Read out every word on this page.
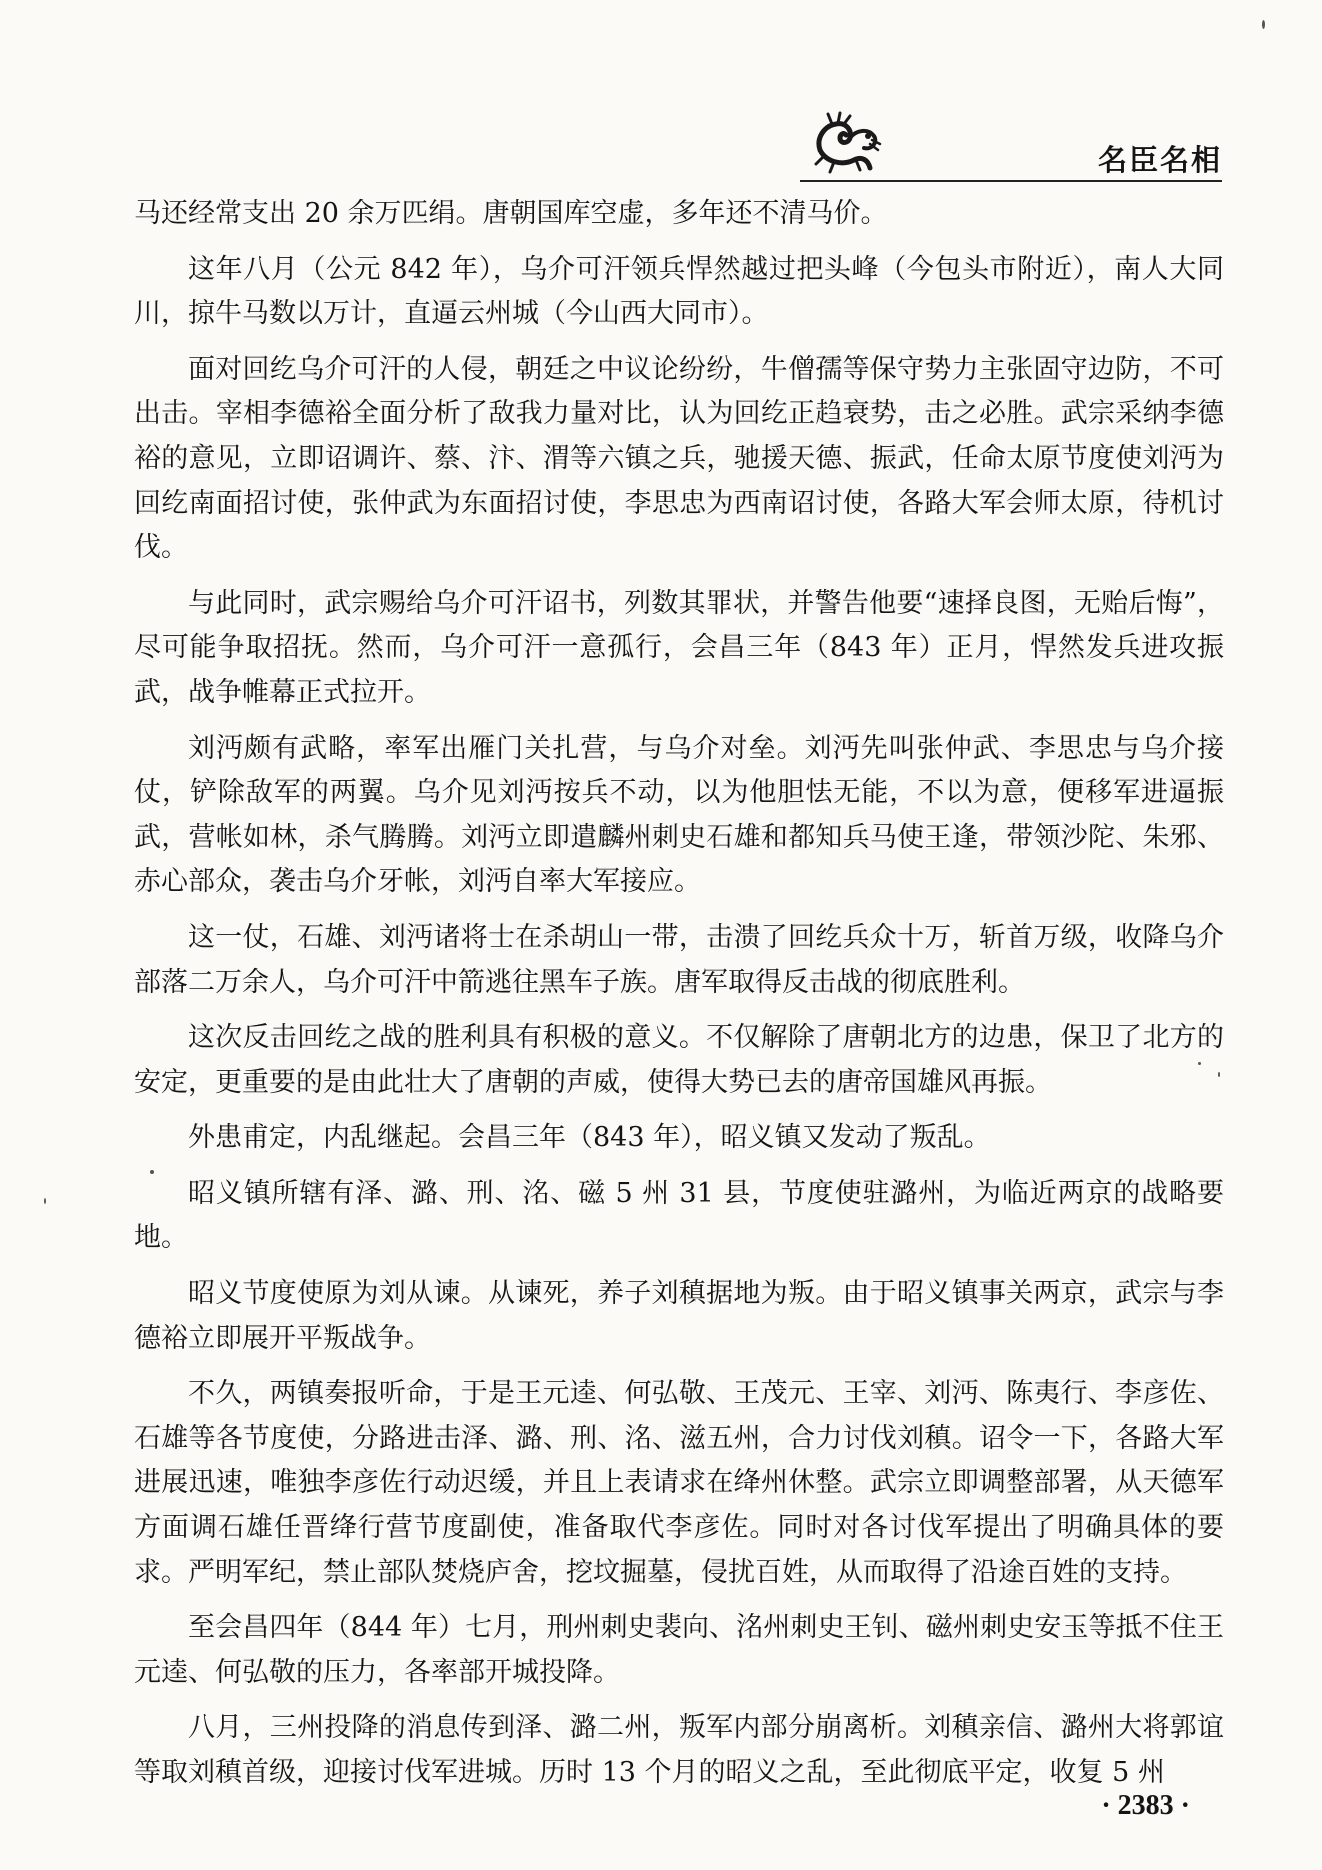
名臣名相

马还经常支出 20 余万匹绢。唐朝国库空虚，多年还不清马价。

这年八月（公元 842 年），乌介可汗领兵悍然越过把头峰（今包头市附近），南人大同川，掠牛马数以万计，直逼云州城（今山西大同市）。

面对回纥乌介可汗的人侵，朝廷之中议论纷纷，牛僧孺等保守势力主张固守边防，不可出击。宰相李德裕全面分析了敌我力量对比，认为回纥正趋衰势，击之必胜。武宗采纳李德裕的意见，立即诏调许、蔡、汴、渭等六镇之兵，驰援天德、振武，任命太原节度使刘沔为回纥南面招讨使，张仲武为东面招讨使，李思忠为西南诏讨使，各路大军会师太原，待机讨伐。

与此同时，武宗赐给乌介可汗诏书，列数其罪状，并警告他要“速择良图，无贻后悔”，尽可能争取招抚。然而，乌介可汗一意孤行，会昌三年（843 年）正月，悍然发兵进攻振武，战争帷幕正式拉开。

刘沔颇有武略，率军出雁门关扎营，与乌介对垒。刘沔先叫张仲武、李思忠与乌介接仗，铲除敌军的两翼。乌介见刘沔按兵不动，以为他胆怯无能，不以为意，便移军进逼振武，营帐如林，杀气腾腾。刘沔立即遣麟州刺史石雄和都知兵马使王逢，带领沙陀、朱邪、赤心部众，袭击乌介牙帐，刘沔自率大军接应。

这一仗，石雄、刘沔诸将士在杀胡山一带，击溃了回纥兵众十万，斩首万级，收降乌介部落二万余人，乌介可汗中箭逃往黑车子族。唐军取得反击战的彻底胜利。

这次反击回纥之战的胜利具有积极的意义。不仅解除了唐朝北方的边患，保卫了北方的安定，更重要的是由此壮大了唐朝的声威，使得大势已去的唐帝国雄风再振。

外患甫定，内乱继起。会昌三年（843 年），昭义镇又发动了叛乱。

昭义镇所辖有泽、潞、刑、洺、磁 5 州 31 县，节度使驻潞州，为临近两京的战略要地。

昭义节度使原为刘从谏。从谏死，养子刘稹据地为叛。由于昭义镇事关两京，武宗与李德裕立即展开平叛战争。

不久，两镇奏报听命，于是王元逵、何弘敬、王茂元、王宰、刘沔、陈夷行、李彦佐、石雄等各节度使，分路进击泽、潞、刑、洺、滋五州，合力讨伐刘稹。诏令一下，各路大军进展迅速，唯独李彦佐行动迟缓，并且上表请求在绛州休整。武宗立即调整部署，从天德军方面调石雄任晋绛行营节度副使，准备取代李彦佐。同时对各讨伐军提出了明确具体的要求。严明军纪，禁止部队焚烧庐舍，挖坟掘墓，侵扰百姓，从而取得了沿途百姓的支持。

至会昌四年（844 年）七月，刑州刺史裴向、洺州刺史王钊、磁州刺史安玉等抵不住王元逵、何弘敬的压力，各率部开城投降。

八月，三州投降的消息传到泽、潞二州，叛军内部分崩离析。刘稹亲信、潞州大将郭谊等取刘稹首级，迎接讨伐军进城。历时 13 个月的昭义之乱，至此彻底平定，收复 5 州

· 2383 ·
